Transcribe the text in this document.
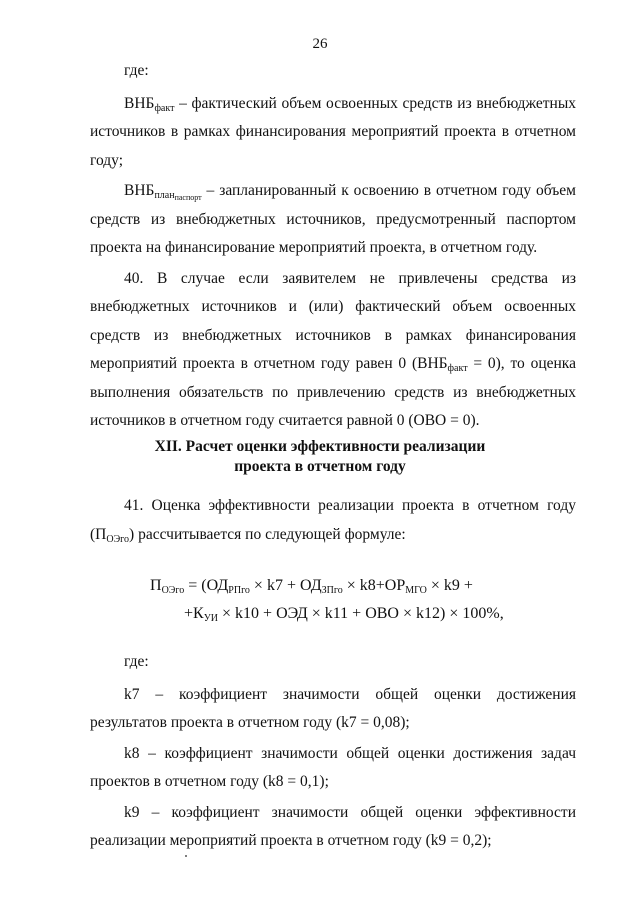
26

где:

$ВНБ_{факт}$ – фактический объем освоенных средств из внебюджетных источников в рамках финансирования мероприятий проекта в отчетном году;

$ВНБ_{план_{паспорт}}$ – запланированный к освоению в отчетном году объем средств из внебюджетных источников, предусмотренный паспортом проекта на финансирование мероприятий проекта, в отчетном году.

40. В случае если заявителем не привлечены средства из внебюджетных источников и (или) фактический объем освоенных средств из внебюджетных источников в рамках финансирования мероприятий проекта в отчетном году равен 0 $(ВНБ_{факт} = 0)$, то оценка выполнения обязательств по привлечению средств из внебюджетных источников в отчетном году считается равной 0 (ОВО = 0).

XII. Расчет оценки эффективности реализации
проекта в отчетном году

41. Оценка эффективности реализации проекта в отчетном году $(П_{ОЭго})$ рассчитывается по следующей формуле:

$П_{ОЭго} = (ОД_{РПго} \times k7 + ОД_{ЗПго} \times k8+ОР_{МГО} \times k9$ +
$+К_{УИ} \times k10$ + ОЭД × k11 + ОВО × k12) × 100%,

где:

k7 – коэффициент значимости общей оценки достижения результатов проекта в отчетном году (k7 = 0,08);

k8 – коэффициент значимости общей оценки достижения задач проектов в отчетном году (k8 = 0,1);

k9 – коэффициент значимости общей оценки эффективности реализации мероприятий проекта в отчетном году (k9 = 0,2);
